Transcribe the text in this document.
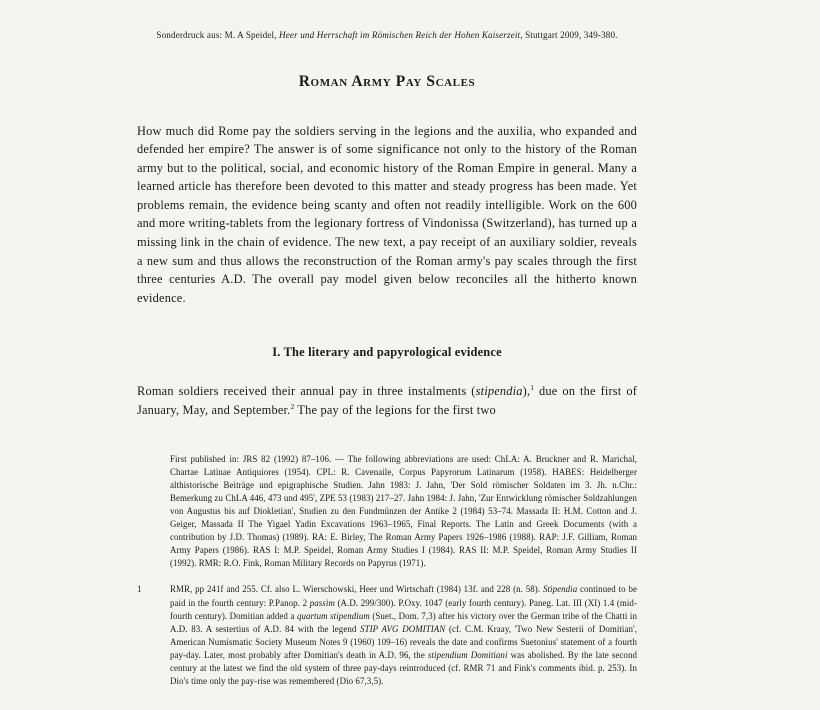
Sonderdruck aus: M. A Speidel, Heer und Herrschaft im Römischen Reich der Hohen Kaiserzeit, Stuttgart 2009, 349-380.
Roman Army Pay Scales

How much did Rome pay the soldiers serving in the legions and the auxilia, who expanded and defended her empire? The answer is of some significance not only to the history of the Roman army but to the political, social, and economic history of the Roman Empire in general. Many a learned article has therefore been devoted to this matter and steady progress has been made. Yet problems remain, the evidence being scanty and often not readily intelligible. Work on the 600 and more writing-tablets from the legionary fortress of Vindonissa (Switzerland), has turned up a missing link in the chain of evidence. The new text, a pay receipt of an auxiliary soldier, reveals a new sum and thus allows the reconstruction of the Roman army's pay scales through the first three centuries A.D. The overall pay model given below reconciles all the hitherto known evidence.

I. The literary and papyrological evidence

Roman soldiers received their annual pay in three instalments (stipendia),$^1$ due on the first of January, May, and September.$^2$ The pay of the legions for the first two

First published in: JRS 82 (1992) 87–106. — The following abbreviations are used: ChLA: A. Bruckner and R. Marichal, Chartae Latinae Antiquiores (1954). CPL: R. Cavenaile, Corpus Papyrorum Latinarum (1958). HABES: Heidelberger althistorische Beiträge und epigraphische Studien. Jahn 1983: J. Jahn, 'Der Sold römischer Soldaten im 3. Jh. n.Chr.: Bemerkung zu ChLA 446, 473 und 495', ZPE 53 (1983) 217–27. Jahn 1984: J. Jahn, 'Zur Entwicklung römischer Soldzahlungen von Augustus bis auf Diokletian', Studien zu den Fundmünzen der Antike 2 (1984) 53–74. Massada II: H.M. Cotton and J. Geiger, Massada II The Yigael Yadin Excavations 1963–1965, Final Reports. The Latin and Greek Documents (with a contribution by J.D. Thomas) (1989). RA: E. Birley, The Roman Army Papers 1926–1986 (1988). RAP: J.F. Gilliam, Roman Army Papers (1986). RAS I: M.P. Speidel, Roman Army Studies I (1984). RAS II: M.P. Speidel, Roman Army Studies II (1992). RMR: R.O. Fink, Roman Military Records on Papyrus (1971).
1	RMR, pp 241f and 255. Cf. also L. Wierschowski, Heer und Wirtschaft (1984) 13f. and 228 (n. 58). Stipendia continued to be paid in the fourth century: P.Panop. 2 passim (A.D. 299/300). P.Oxy. 1047 (early fourth century). Paneg. Lat. III (XI) 1.4 (mid-fourth century). Domitian added a quartum stipendium (Suet., Dom. 7,3) after his victory over the German tribe of the Chatti in A.D. 83. A sestertius of A.D. 84 with the legend STIP AVG DOMITIAN (cf. C.M. Kraay, 'Two New Sesterii of Domitian', American Numismatic Society Museum Notes 9 (1960) 109–16) reveals the date and confirms Suetonius' statement of a fourth pay-day. Later, most probably after Domitian's death in A.D. 96, the stipendium Domitiani was abolished. By the late second century at the latest we find the old system of three pay-days reintroduced (cf. RMR 71 and Fink's comments ibid. p. 253). In Dio's time only the pay-rise was remembered (Dio 67,3,5).
